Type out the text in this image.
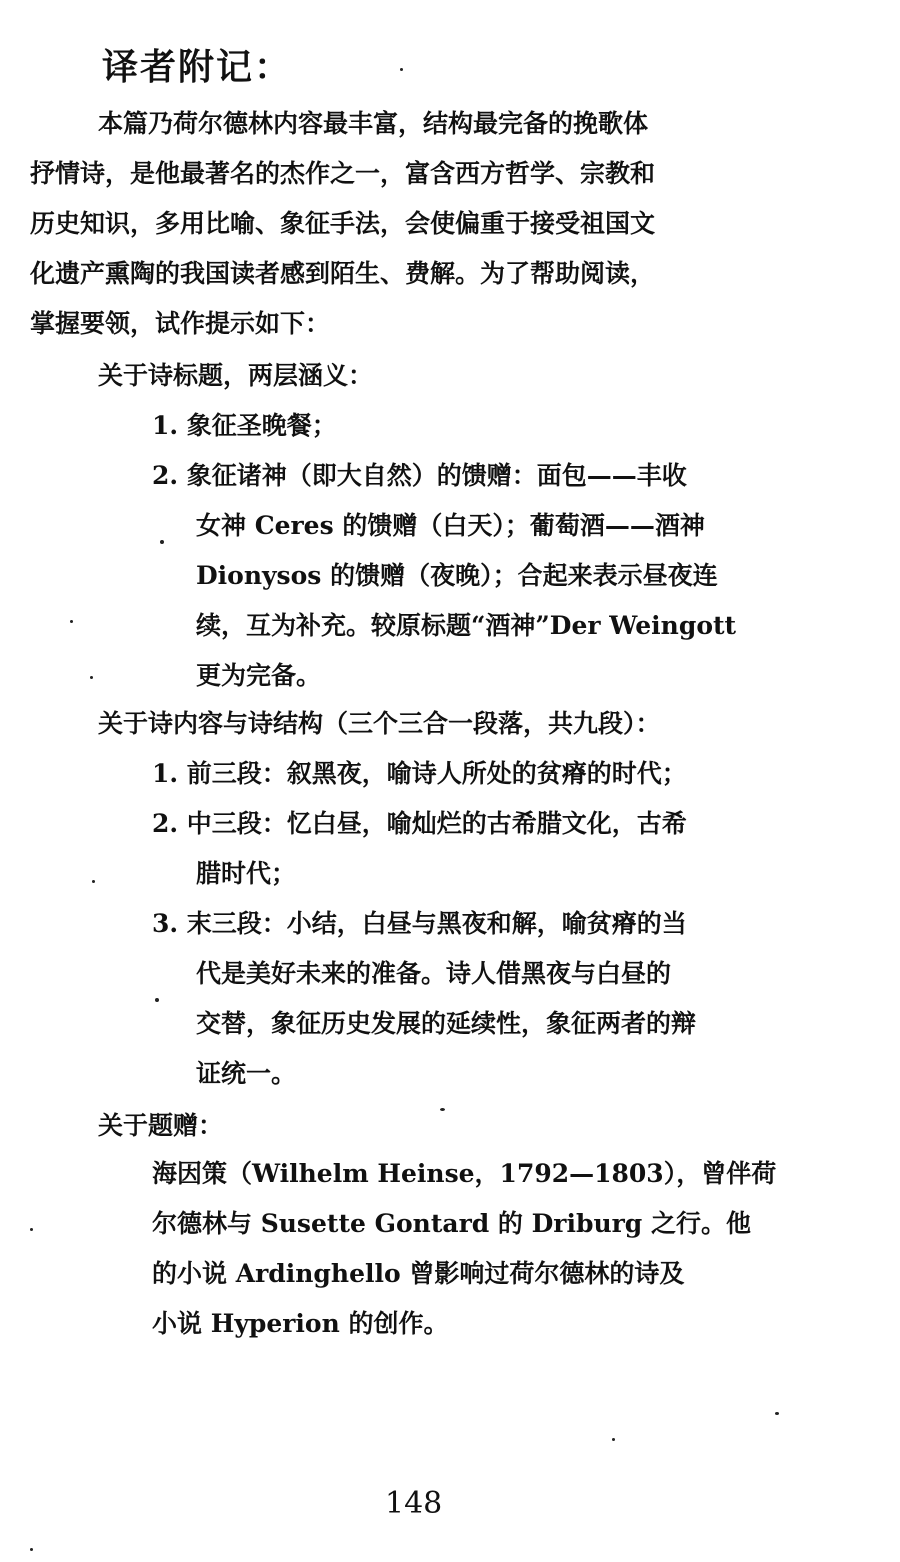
译者附记：
本篇乃荷尔德林内容最丰富，结构最完备的挽歌体
抒情诗，是他最著名的杰作之一，富含西方哲学、宗教和
历史知识，多用比喻、象征手法，会使偏重于接受祖国文
化遗产熏陶的我国读者感到陌生、费解。为了帮助阅读，
掌握要领，试作提示如下：
关于诗标题，两层涵义：
1. 象征圣晚餐；
2. 象征诸神（即大自然）的馈赠：面包——丰收
女神 Ceres 的馈赠（白天）；葡萄酒——酒神
Dionysos 的馈赠（夜晚）；合起来表示昼夜连
续，互为补充。较原标题“酒神”Der Weingott
更为完备。
关于诗内容与诗结构（三个三合一段落，共九段）：
1. 前三段：叙黑夜，喻诗人所处的贫瘠的时代；
2. 中三段：忆白昼，喻灿烂的古希腊文化，古希
腊时代；
3. 末三段：小结，白昼与黑夜和解，喻贫瘠的当
代是美好未来的准备。诗人借黑夜与白昼的
交替，象征历史发展的延续性，象征两者的辩
证统一。
关于题赠：
海因策（Wilhelm Heinse，1792—1803），曾伴荷
尔德林与 Susette Gontard 的 Driburg 之行。他
的小说 Ardinghello 曾影响过荷尔德林的诗及
小说 Hyperion 的创作。
148
